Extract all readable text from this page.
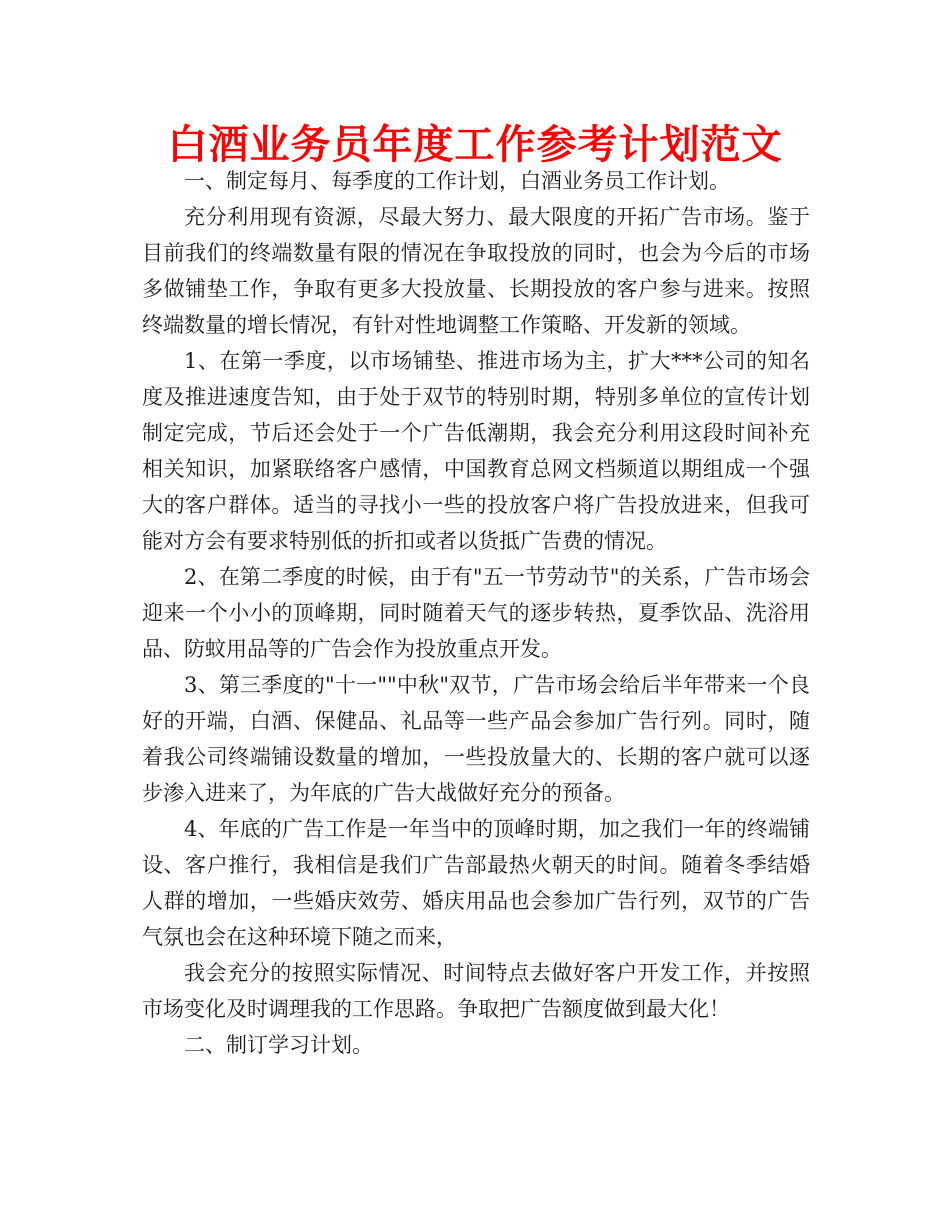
白酒业务员年度工作参考计划范文

一、制定每月、每季度的工作计划，白酒业务员工作计划。

充分利用现有资源，尽最大努力、最大限度的开拓广告市场。鉴于目前我们的终端数量有限的情况在争取投放的同时，也会为今后的市场多做铺垫工作，争取有更多大投放量、长期投放的客户参与进来。按照终端数量的增长情况，有针对性地调整工作策略、开发新的领域。

1、在第一季度，以市场铺垫、推进市场为主，扩大***公司的知名度及推进速度告知，由于处于双节的特别时期，特别多单位的宣传计划制定完成，节后还会处于一个广告低潮期，我会充分利用这段时间补充相关知识，加紧联络客户感情，中国教育总网文档频道以期组成一个强大的客户群体。适当的寻找小一些的投放客户将广告投放进来，但我可能对方会有要求特别低的折扣或者以货抵广告费的情况。

2、在第二季度的时候，由于有"五一节劳动节"的关系，广告市场会迎来一个小小的顶峰期，同时随着天气的逐步转热，夏季饮品、洗浴用品、防蚊用品等的广告会作为投放重点开发。

3、第三季度的"十一""中秋"双节，广告市场会给后半年带来一个良好的开端，白酒、保健品、礼品等一些产品会参加广告行列。同时，随着我公司终端铺设数量的增加，一些投放量大的、长期的客户就可以逐步渗入进来了，为年底的广告大战做好充分的预备。

4、年底的广告工作是一年当中的顶峰时期，加之我们一年的终端铺设、客户推行，我相信是我们广告部最热火朝天的时间。随着冬季结婚人群的增加，一些婚庆效劳、婚庆用品也会参加广告行列，双节的广告气氛也会在这种环境下随之而来，

我会充分的按照实际情况、时间特点去做好客户开发工作，并按照市场变化及时调理我的工作思路。争取把广告额度做到最大化！

二、制订学习计划。
